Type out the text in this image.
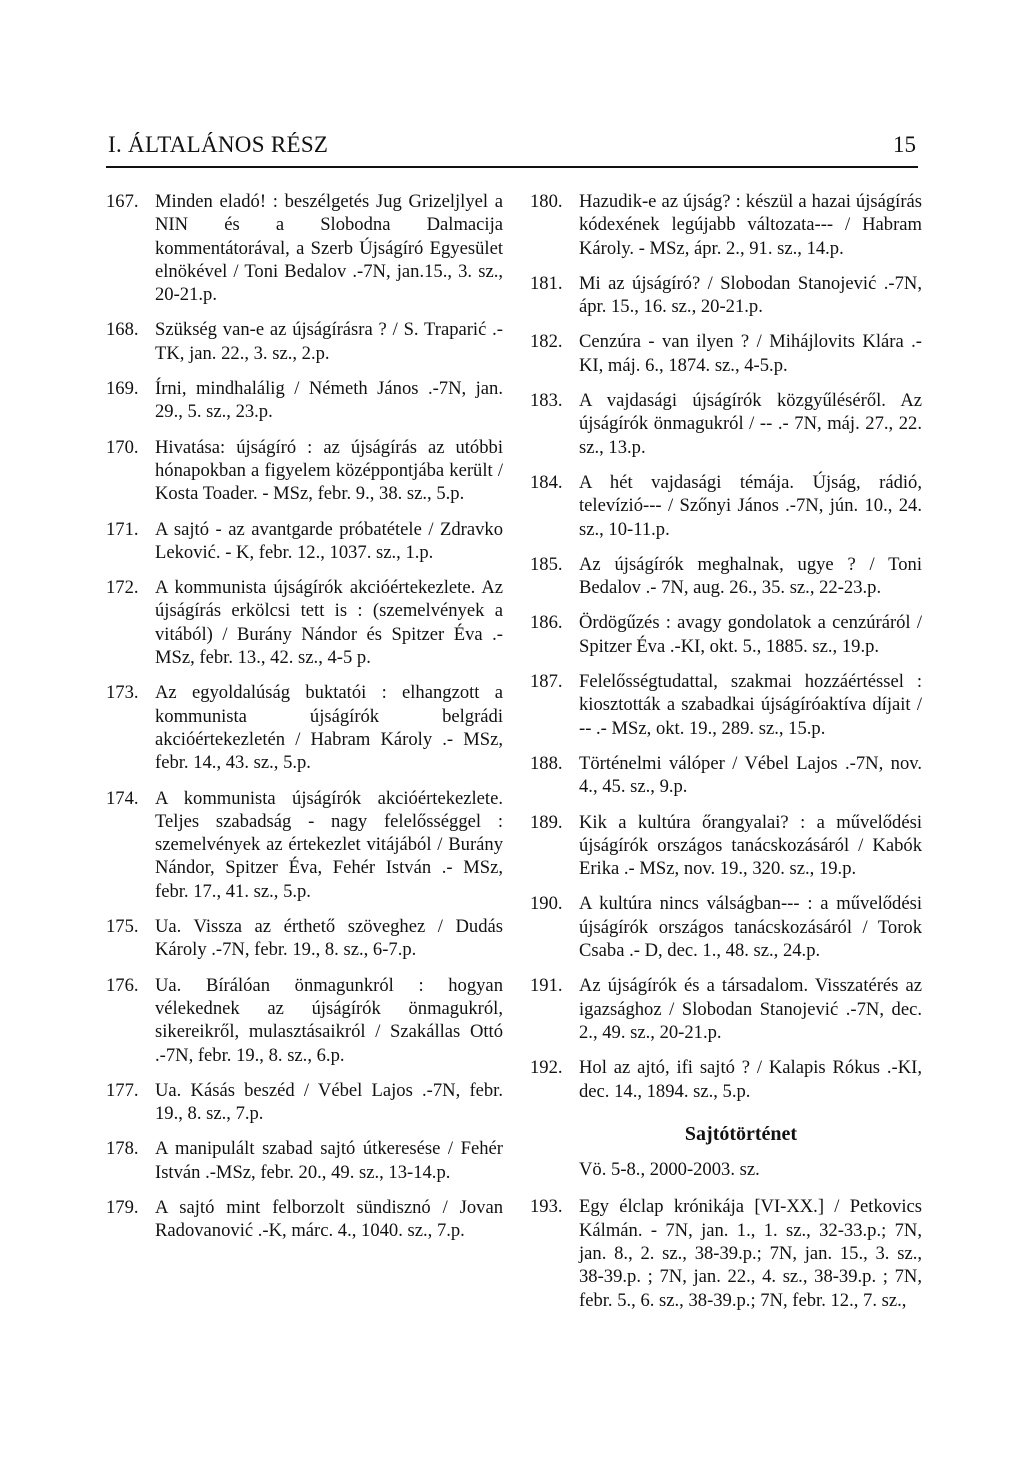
I. ÁLTALÁNOS RÉSZ	15
167. Minden eladó! : beszélgetés Jug Grizeljlyel a NIN és a Slobodna Dalmacija kommentátorával, a Szerb Újságíró Egyesület elnökével / Toni Bedalov .-7N, jan.15., 3. sz., 20-21.p.
168. Szükség van-e az újságírásra ? / S. Traparić .-TK, jan. 22., 3. sz., 2.p.
169. Írni, mindhalálig / Németh János .-7N, jan. 29., 5. sz., 23.p.
170. Hivatása: újságíró : az újságírás az utóbbi hónapokban a figyelem középpontjába került / Kosta Toader. - MSz, febr. 9., 38. sz., 5.p.
171. A sajtó - az avantgarde próbatétele / Zdravko Leković. - K, febr. 12., 1037. sz., 1.p.
172. A kommunista újságírók akcióértekezlete. Az újságírás erkölcsi tett is : (szemelvények a vitából) / Burány Nándor és Spitzer Éva .-MSz, febr. 13., 42. sz., 4-5 p.
173. Az egyoldalúság buktatói : elhangzott a kommunista újságírók belgrádi akcióértekezletén / Habram Károly .- MSz, febr. 14., 43. sz., 5.p.
174. A kommunista újságírók akcióértekezlete. Teljes szabadság - nagy felelősséggel : szemelvények az értekezlet vitájából / Burány Nándor, Spitzer Éva, Fehér István .- MSz, febr. 17., 41. sz., 5.p.
175. Ua. Vissza az érthető szöveghez / Dudás Károly .-7N, febr. 19., 8. sz., 6-7.p.
176. Ua. Bírálóan önmagunkról : hogyan vélekednek az újságírók önmagukról, sikereikről, mulasztásaikról / Szakállas Ottó .-7N, febr. 19., 8. sz., 6.p.
177. Ua. Kásás beszéd / Vébel Lajos .-7N, febr. 19., 8. sz., 7.p.
178. A manipulált szabad sajtó útkeresése / Fehér István .-MSz, febr. 20., 49. sz., 13-14.p.
179. A sajtó mint felborzolt sündisznó / Jovan Radovanović .-K, márc. 4., 1040. sz., 7.p.
180. Hazudik-e az újság? : készül a hazai újságírás kódexének legújabb változata--- / Habram Károly. - MSz, ápr. 2., 91. sz., 14.p.
181. Mi az újságíró? / Slobodan Stanojević .-7N, ápr. 15., 16. sz., 20-21.p.
182. Cenzúra - van ilyen ? / Mihájlovits Klára .- KI, máj. 6., 1874. sz., 4-5.p.
183. A vajdasági újságírók közgyűléséről. Az újságírók önmagukról / -- .- 7N, máj. 27., 22. sz., 13.p.
184. A hét vajdasági témája. Újság, rádió, televízió--- / Szőnyi János .-7N, jún. 10., 24. sz., 10-11.p.
185. Az újságírók meghalnak, ugye ? / Toni Bedalov .- 7N, aug. 26., 35. sz., 22-23.p.
186. Ördögűzés : avagy gondolatok a cenzúráról / Spitzer Éva .-KI, okt. 5., 1885. sz., 19.p.
187. Felelősségtudattal, szakmai hozzáértéssel : kiosztották a szabadkai újságíróaktíva díjait / -- .- MSz, okt. 19., 289. sz., 15.p.
188. Történelmi válóper / Vébel Lajos .-7N, nov. 4., 45. sz., 9.p.
189. Kik a kultúra őrangyalai? : a művelődési újságírók országos tanácskozásáról / Kabók Erika .- MSz, nov. 19., 320. sz., 19.p.
190. A kultúra nincs válságban--- : a művelődési újságírók országos tanácskozásáról / Torok Csaba .- D, dec. 1., 48. sz., 24.p.
191. Az újságírók és a társadalom. Visszatérés az igazsághoz / Slobodan Stanojević .-7N, dec. 2., 49. sz., 20-21.p.
192. Hol az ajtó, ifi sajtó ? / Kalapis Rókus .-KI, dec. 14., 1894. sz., 5.p.
Sajtótörténet
Vö. 5-8., 2000-2003. sz.
193. Egy élclap krónikája [VI-XX.] / Petkovics Kálmán. - 7N, jan. 1., 1. sz., 32-33.p.; 7N, jan. 8., 2. sz., 38-39.p.; 7N, jan. 15., 3. sz., 38-39.p. ; 7N, jan. 22., 4. sz., 38-39.p. ; 7N, febr. 5., 6. sz., 38-39.p.; 7N, febr. 12., 7. sz.,
